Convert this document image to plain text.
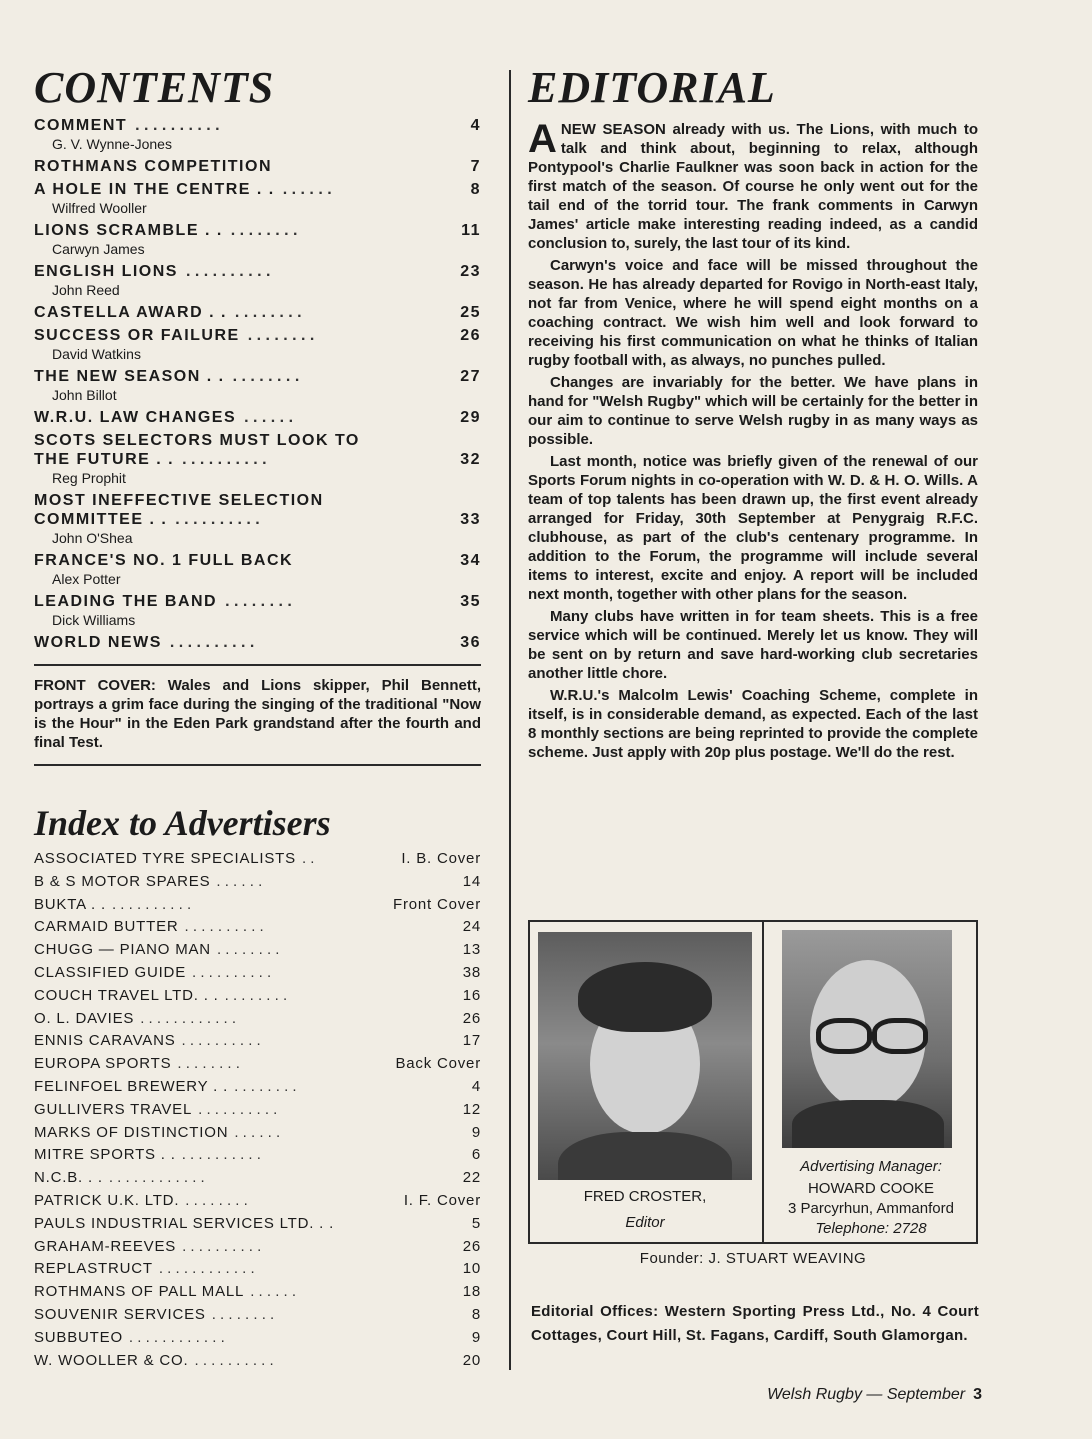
CONTENTS
COMMENT . . . . . . . . . .	4
G. V. Wynne-Jones
ROTHMANS COMPETITION	7
A HOLE IN THE CENTRE . . . . . . . .	8
Wilfred Wooller
LIONS SCRAMBLE . . . . . . . . . .	11
Carwyn James
ENGLISH LIONS . . . . . . . . . .	23
John Reed
CASTELLA AWARD . . . . . . . . . .	25
SUCCESS OR FAILURE . . . . . . . .	26
David Watkins
THE NEW SEASON . . . . . . . . . .	27
John Billot
W.R.U. LAW CHANGES . . . . . .	29
SCOTS SELECTORS MUST LOOK TO
THE FUTURE . . . . . . . . . . . .	32
Reg Prophit
MOST INEFFECTIVE SELECTION
COMMITTEE . . . . . . . . . . . .	33
John O'Shea
FRANCE'S NO. 1 FULL BACK	34
Alex Potter
LEADING THE BAND . . . . . . . .	35
Dick Williams
WORLD NEWS . . . . . . . . . .	36
FRONT COVER: Wales and Lions skipper, Phil Bennett, portrays a grim face during the singing of the traditional "Now is the Hour" in the Eden Park grandstand after the fourth and final Test.
Index to Advertisers
ASSOCIATED TYRE SPECIALISTS . .	I. B. Cover
B & S MOTOR SPARES . . . . . .	14
BUKTA . . . . . . . . . . . .	Front Cover
CARMAID BUTTER . . . . . . . . . .	24
CHUGG — PIANO MAN . . . . . . . .	13
CLASSIFIED GUIDE . . . . . . . . . .	38
COUCH TRAVEL LTD. . . . . . . . . . .	16
O. L. DAVIES . . . . . . . . . . . .	26
ENNIS CARAVANS . . . . . . . . . .	17
EUROPA SPORTS . . . . . . . .	Back Cover
FELINFOEL BREWERY . . . . . . . . . .	4
GULLIVERS TRAVEL . . . . . . . . . .	12
MARKS OF DISTINCTION . . . . . .	9
MITRE SPORTS . . . . . . . . . . . .	6
N.C.B. . . . . . . . . . . . . . .	22
PATRICK U.K. LTD. . . . . . . . .	I. F. Cover
PAULS INDUSTRIAL SERVICES LTD. . .	5
GRAHAM-REEVES . . . . . . . . . .	26
REPLASTRUCT . . . . . . . . . . . .	10
ROTHMANS OF PALL MALL . . . . . .	18
SOUVENIR SERVICES . . . . . . . .	8
SUBBUTEO . . . . . . . . . . . .	9
W. WOOLLER & CO. . . . . . . . . . .	20
EDITORIAL

A NEW SEASON already with us. The Lions, with much to talk and think about, beginning to relax, although Pontypool's Charlie Faulkner was soon back in action for the first match of the season. Of course he only went out for the tail end of the torrid tour. The frank comments in Carwyn James' article make interesting reading indeed, as a candid conclusion to, surely, the last tour of its kind.

Carwyn's voice and face will be missed throughout the season. He has already departed for Rovigo in North-east Italy, not far from Venice, where he will spend eight months on a coaching contract. We wish him well and look forward to receiving his first communication on what he thinks of Italian rugby football with, as always, no punches pulled.

Changes are invariably for the better. We have plans in hand for "Welsh Rugby" which will be certainly for the better in our aim to continue to serve Welsh rugby in as many ways as possible.

Last month, notice was briefly given of the renewal of our Sports Forum nights in co-operation with W. D. & H. O. Wills. A team of top talents has been drawn up, the first event already arranged for Friday, 30th September at Penygraig R.F.C. clubhouse, as part of the club's centenary programme. In addition to the Forum, the programme will include several items to interest, excite and enjoy. A report will be included next month, together with other plans for the season.

Many clubs have written in for team sheets. This is a free service which will be continued. Merely let us know. They will be sent on by return and save hard-working club secretaries another little chore.

W.R.U.'s Malcolm Lewis' Coaching Scheme, complete in itself, is in considerable demand, as expected. Each of the last 8 monthly sections are being reprinted to provide the complete scheme. Just apply with 20p plus postage. We'll do the rest.

FRED CROSTER,
Editor
Advertising Manager:
HOWARD COOKE
3 Parcyrhun, Ammanford
Telephone: 2728
Founder: J. STUART WEAVING
Editorial Offices: Western Sporting Press Ltd., No. 4 Court Cottages, Court Hill, St. Fagans, Cardiff, South Glamorgan.
Welsh Rugby — September 3
